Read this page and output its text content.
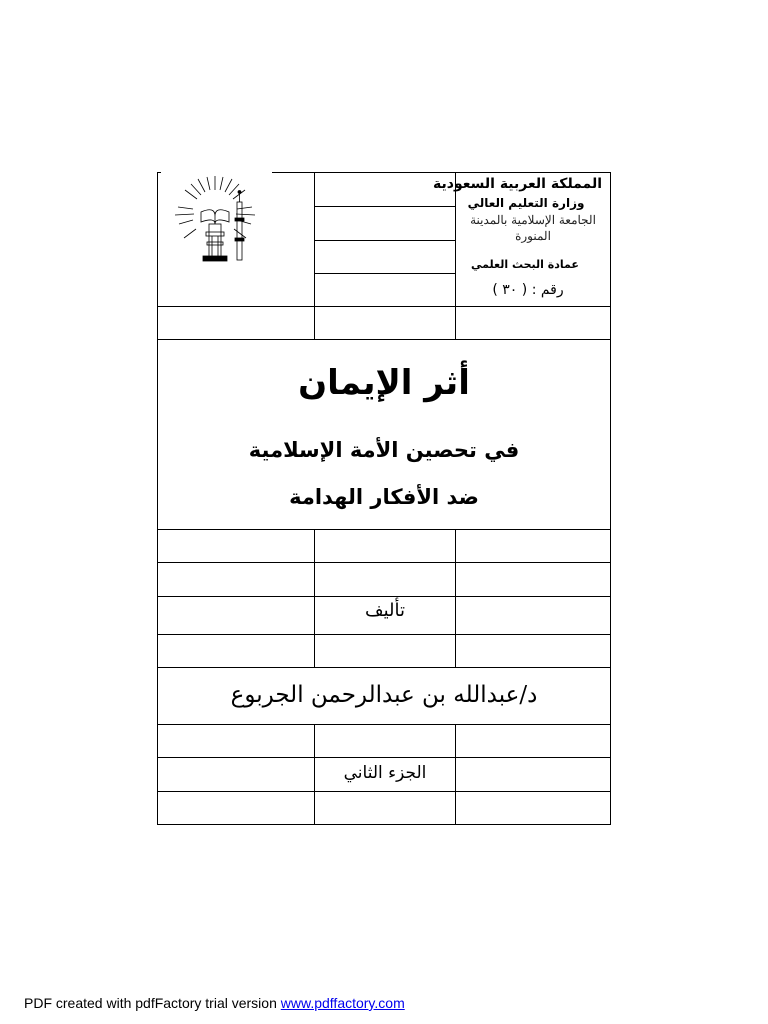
المملكة العربية السعودية
وزارة التعليم العالي
الجامعة الإسلامية بالمدينة المنورة
عمادة البحث العلمي
رقم : ( ٣٠ )
أثر الإيمان
في تحصين الأمة الإسلامية
ضد الأفكار الهدامة
تأليف
د/عبدالله بن عبدالرحمن الجربوع
الجزء الثاني
PDF created with pdfFactory trial version www.pdffactory.com
